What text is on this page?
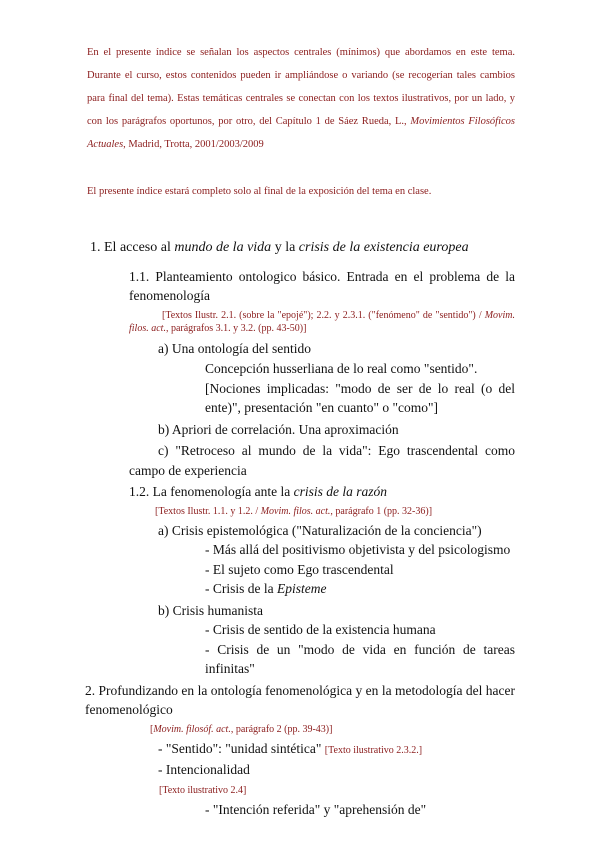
En el presente índice se señalan los aspectos centrales (mínimos) que abordamos en este tema. Durante el curso, estos contenidos pueden ir ampliándose o variando (se recogerían tales cambios para final del tema). Estas temáticas centrales se conectan con los textos ilustrativos, por un lado, y con los parágrafos oportunos, por otro, del Capítulo 1 de Sáez Rueda, L., Movimientos Filosóficos Actuales, Madrid, Trotta, 2001/2003/2009
El presente índice estará completo solo al final de la exposición del tema en clase.
1. El acceso al mundo de la vida y la crisis de la existencia europea
1.1. Planteamiento ontologico básico. Entrada en el problema de la fenomenología
[Textos Ilustr. 2.1. (sobre la "epojé"); 2.2. y 2.3.1. ("fenómeno" de "sentido") / Movim. filos. act., parágrafos 3.1. y 3.2. (pp. 43-50)]
a) Una ontología del sentido
Concepción husserliana de lo real como "sentido".
[Nociones implicadas: "modo de ser de lo real (o del ente)", presentación "en cuanto" o "como"]
b) Apriori de correlación. Una aproximación
c) "Retroceso al mundo de la vida": Ego trascendental como campo de experiencia
1.2. La fenomenología ante la crisis de la razón
[Textos Ilustr. 1.1. y 1.2. / Movim. filos. act., parágrafo 1 (pp. 32-36)]
a) Crisis epistemológica ("Naturalización de la conciencia")
- Más allá del positivismo objetivista y del psicologismo
- El sujeto como Ego trascendental
- Crisis de la Episteme
b) Crisis humanista
- Crisis de sentido de la existencia humana
- Crisis de un "modo de vida en función de tareas infinitas"
2. Profundizando en la ontología fenomenológica y en la metodología del hacer fenomenológico
[Movim. filosóf. act., parágrafo 2 (pp. 39-43)]
- "Sentido": "unidad sintética" [Texto ilustrativo 2.3.2.]
- Intencionalidad
[Texto ilustrativo 2.4]
- "Intención referida" y "aprehensión de"
